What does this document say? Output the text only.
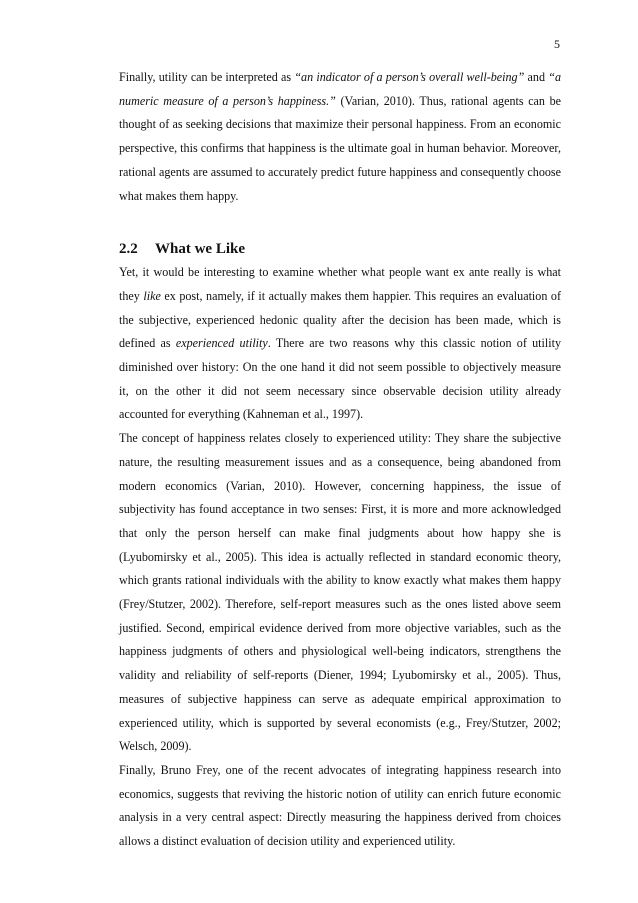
5

Finally, utility can be interpreted as “an indicator of a person’s overall well-being” and “a numeric measure of a person’s happiness.” (Varian, 2010). Thus, rational agents can be thought of as seeking decisions that maximize their personal happiness. From an economic perspective, this confirms that happiness is the ultimate goal in human behavior. Moreover, rational agents are assumed to accurately predict future happiness and consequently choose what makes them happy.

2.2 What we Like

Yet, it would be interesting to examine whether what people want ex ante really is what they like ex post, namely, if it actually makes them happier. This requires an evaluation of the subjective, experienced hedonic quality after the decision has been made, which is defined as experienced utility. There are two reasons why this classic notion of utility diminished over history: On the one hand it did not seem possible to objectively measure it, on the other it did not seem necessary since observable decision utility already accounted for everything (Kahneman et al., 1997).

The concept of happiness relates closely to experienced utility: They share the subjective nature, the resulting measurement issues and as a consequence, being abandoned from modern economics (Varian, 2010). However, concerning happiness, the issue of subjectivity has found acceptance in two senses: First, it is more and more acknowledged that only the person herself can make final judgments about how happy she is (Lyubomirsky et al., 2005). This idea is actually reflected in standard economic theory, which grants rational individuals with the ability to know exactly what makes them happy (Frey/Stutzer, 2002). Therefore, self-report measures such as the ones listed above seem justified. Second, empirical evidence derived from more objective variables, such as the happiness judgments of others and physiological well-being indicators, strengthens the validity and reliability of self-reports (Diener, 1994; Lyubomirsky et al., 2005). Thus, measures of subjective happiness can serve as adequate empirical approximation to experienced utility, which is supported by several economists (e.g., Frey/Stutzer, 2002; Welsch, 2009).

Finally, Bruno Frey, one of the recent advocates of integrating happiness research into economics, suggests that reviving the historic notion of utility can enrich future economic analysis in a very central aspect: Directly measuring the happiness derived from choices allows a distinct evaluation of decision utility and experienced utility.
